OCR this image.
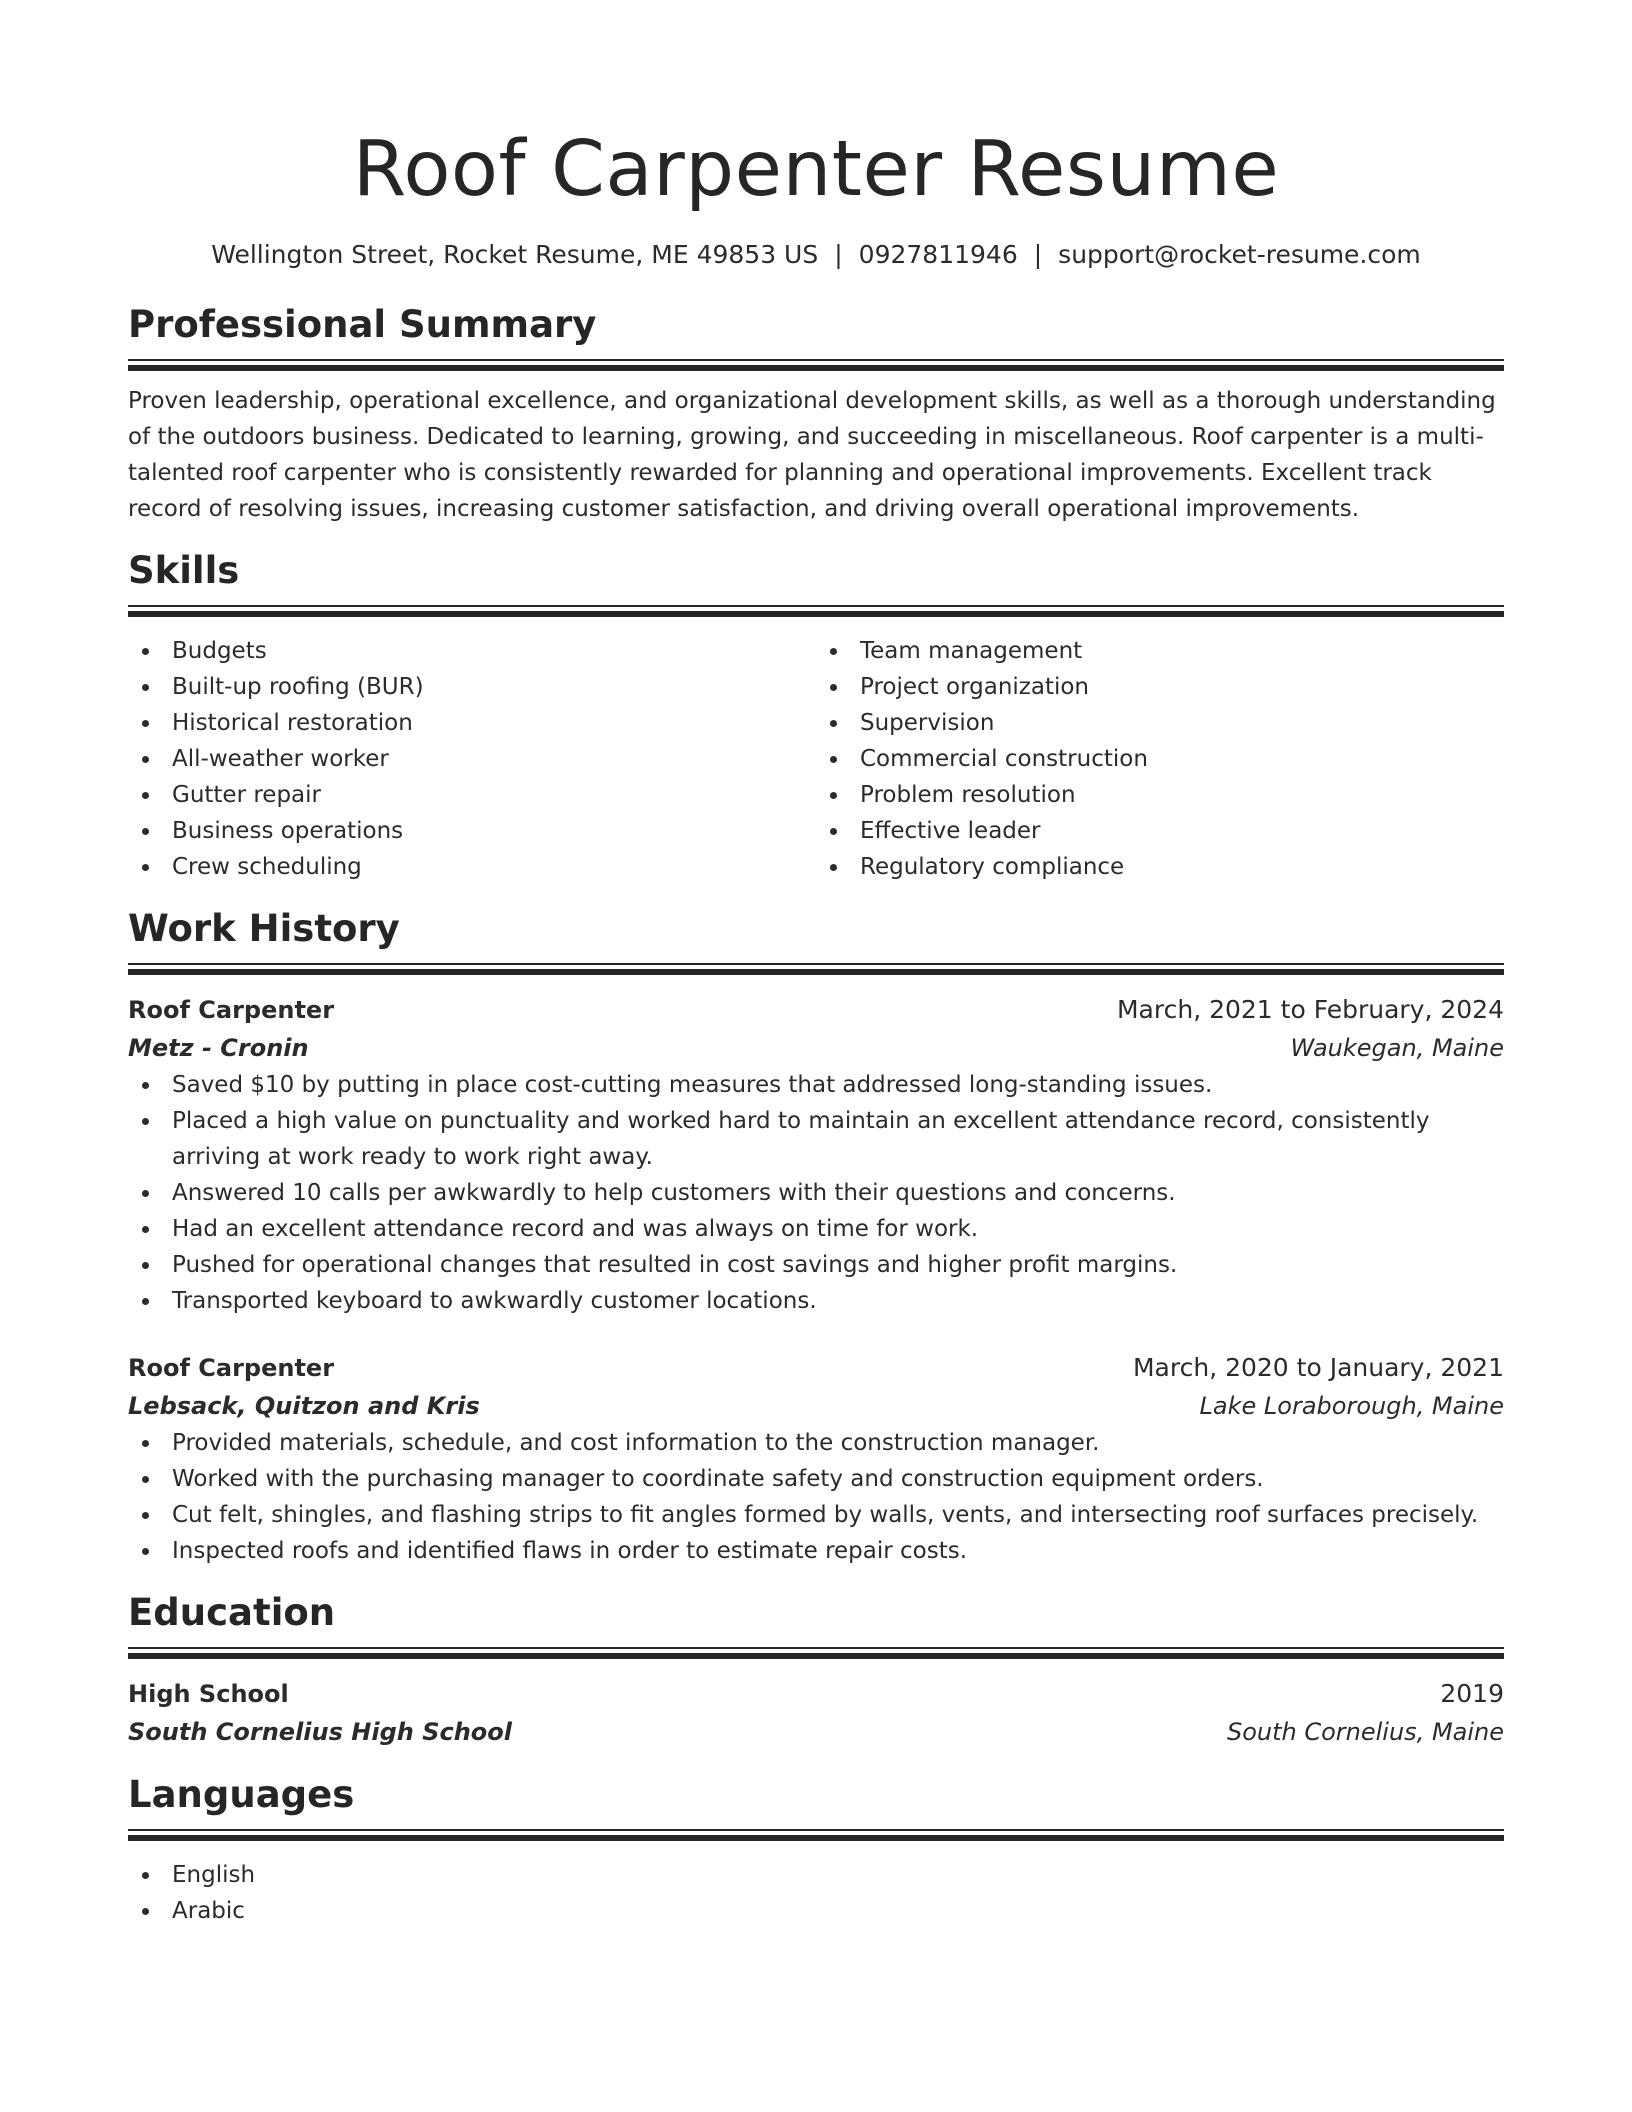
Roof Carpenter Resume
Wellington Street, Rocket Resume, ME 49853 US | 0927811946 | support@rocket-resume.com
Professional Summary
Proven leadership, operational excellence, and organizational development skills, as well as a thorough understanding of the outdoors business. Dedicated to learning, growing, and succeeding in miscellaneous. Roof carpenter is a multi-talented roof carpenter who is consistently rewarded for planning and operational improvements. Excellent track record of resolving issues, increasing customer satisfaction, and driving overall operational improvements.
Skills
Budgets
Built-up roofing (BUR)
Historical restoration
All-weather worker
Gutter repair
Business operations
Crew scheduling
Team management
Project organization
Supervision
Commercial construction
Problem resolution
Effective leader
Regulatory compliance
Work History
Roof Carpenter	March, 2021 to February, 2024
Metz - Cronin	Waukegan, Maine
Saved $10 by putting in place cost-cutting measures that addressed long-standing issues.
Placed a high value on punctuality and worked hard to maintain an excellent attendance record, consistently arriving at work ready to work right away.
Answered 10 calls per awkwardly to help customers with their questions and concerns.
Had an excellent attendance record and was always on time for work.
Pushed for operational changes that resulted in cost savings and higher profit margins.
Transported keyboard to awkwardly customer locations.
Roof Carpenter	March, 2020 to January, 2021
Lebsack, Quitzon and Kris	Lake Loraborough, Maine
Provided materials, schedule, and cost information to the construction manager.
Worked with the purchasing manager to coordinate safety and construction equipment orders.
Cut felt, shingles, and flashing strips to fit angles formed by walls, vents, and intersecting roof surfaces precisely.
Inspected roofs and identified flaws in order to estimate repair costs.
Education
High School	2019
South Cornelius High School	South Cornelius, Maine
Languages
English
Arabic
